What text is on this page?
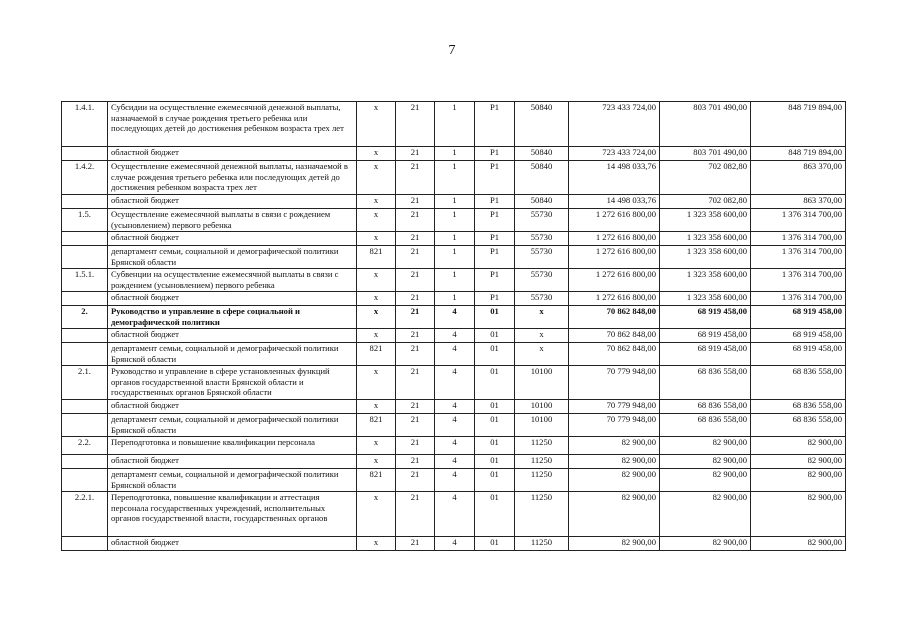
7
1.4.1.	Субсидии на осуществление ежемесячной денежной выплаты, назначаемой в случае рождения третьего ребенка или последующих детей до достижения ребенком возраста трех лет	х	21	1	P1	50840	723 433 724,00	803 701 490,00	848 719 894,00
	областной бюджет	х	21	1	P1	50840	723 433 724,00	803 701 490,00	848 719 894,00
1.4.2.	Осуществление ежемесячной денежной выплаты, назначаемой в случае рождения третьего ребенка или последующих детей до достижения ребенком возраста трех лет	х	21	1	P1	50840	14 498 033,76	702 082,80	863 370,00
	областной бюджет	х	21	1	P1	50840	14 498 033,76	702 082,80	863 370,00
1.5.	Осуществление ежемесячной выплаты в связи с рождением (усыновлением) первого ребенка	х	21	1	P1	55730	1 272 616 800,00	1 323 358 600,00	1 376 314 700,00
	областной бюджет	х	21	1	P1	55730	1 272 616 800,00	1 323 358 600,00	1 376 314 700,00
	департамент семьи, социальной и демографической политики Брянской области	821	21	1	P1	55730	1 272 616 800,00	1 323 358 600,00	1 376 314 700,00
1.5.1.	Субвенции на осуществление ежемесячной выплаты в связи с рождением (усыновлением) первого ребенка	х	21	1	P1	55730	1 272 616 800,00	1 323 358 600,00	1 376 314 700,00
	областной бюджет	х	21	1	P1	55730	1 272 616 800,00	1 323 358 600,00	1 376 314 700,00
2.	Руководство и управление в сфере социальной и демографической политики	х	21	4	01	х	70 862 848,00	68 919 458,00	68 919 458,00
	областной бюджет	х	21	4	01	х	70 862 848,00	68 919 458,00	68 919 458,00
	департамент семьи, социальной и демографической политики Брянской области	821	21	4	01	х	70 862 848,00	68 919 458,00	68 919 458,00
2.1.	Руководство и управление в сфере установленных функций органов государственной власти Брянской области и государственных органов Брянской области	х	21	4	01	10100	70 779 948,00	68 836 558,00	68 836 558,00
	областной бюджет	х	21	4	01	10100	70 779 948,00	68 836 558,00	68 836 558,00
	департамент семьи, социальной и демографической политики Брянской области	821	21	4	01	10100	70 779 948,00	68 836 558,00	68 836 558,00
2.2.	Переподготовка и повышение квалификации персонала	х	21	4	01	11250	82 900,00	82 900,00	82 900,00
	областной бюджет	х	21	4	01	11250	82 900,00	82 900,00	82 900,00
	департамент семьи, социальной и демографической политики Брянской области	821	21	4	01	11250	82 900,00	82 900,00	82 900,00
2.2.1.	Переподготовка, повышение квалификации и аттестация персонала государственных учреждений, исполнительных органов государственной власти, государственных органов	х	21	4	01	11250	82 900,00	82 900,00	82 900,00
	областной бюджет	х	21	4	01	11250	82 900,00	82 900,00	82 900,00
